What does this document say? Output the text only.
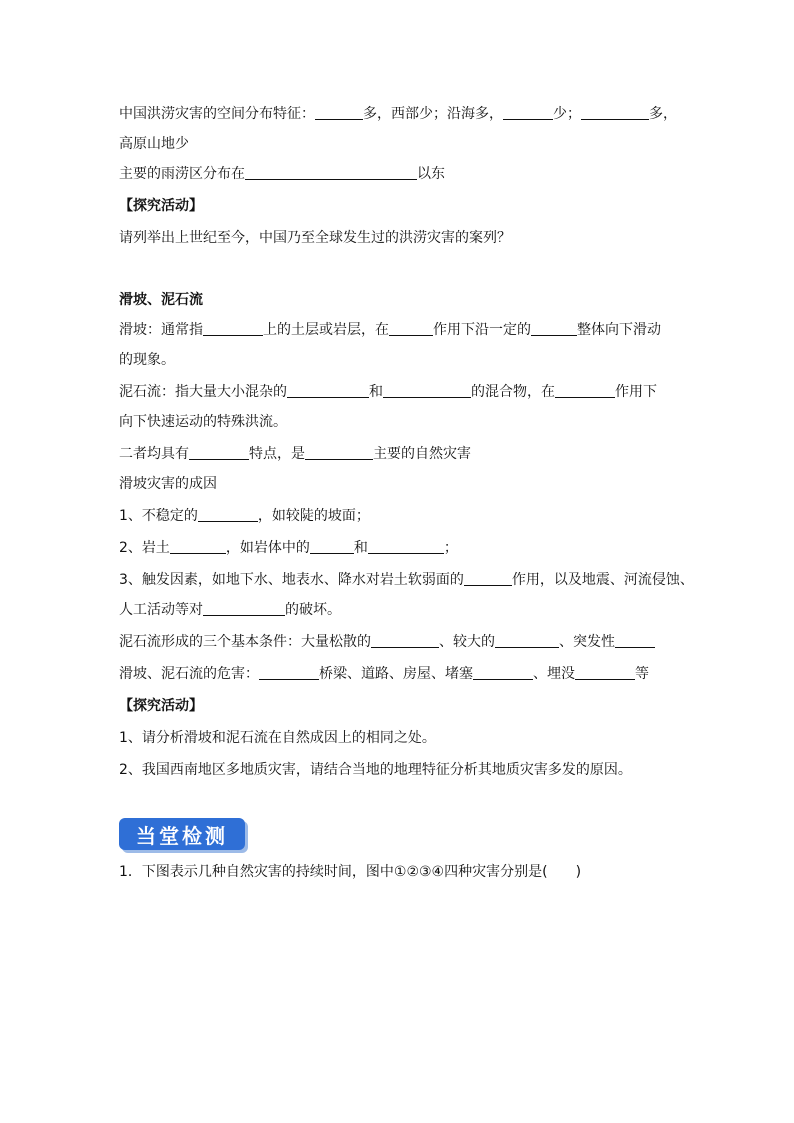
中国洪涝灾害的空间分布特征：	多，西部少；沿海多，	少；	多，
高原山地少
主要的雨涝区分布在	以东
【探究活动】
请列举出上世纪至今，中国乃至全球发生过的洪涝灾害的案列？
滑坡、泥石流
滑坡：通常指	上的土层或岩层，在	作用下沿一定的	整体向下滑动
的现象。
泥石流：指大量大小混杂的	和	的混合物，在	作用下
向下快速运动的特殊洪流。
二者均具有	特点，是	主要的自然灾害
滑坡灾害的成因
1、不稳定的	，如较陡的坡面；
2、岩土	，如岩体中的	和	；
3、触发因素，如地下水、地表水、降水对岩土软弱面的	作用，以及地震、河流侵蚀、
人工活动等对	的破坏。
泥石流形成的三个基本条件：大量松散的	、较大的	、突发性
滑坡、泥石流的危害：	桥梁、道路、房屋、堵塞	、埋没	等
【探究活动】
1、请分析滑坡和泥石流在自然成因上的相同之处。
2、我国西南地区多地质灾害，请结合当地的地理特征分析其地质灾害多发的原因。
当堂检测
1．下图表示几种自然灾害的持续时间，图中①②③④四种灾害分别是(　　)
